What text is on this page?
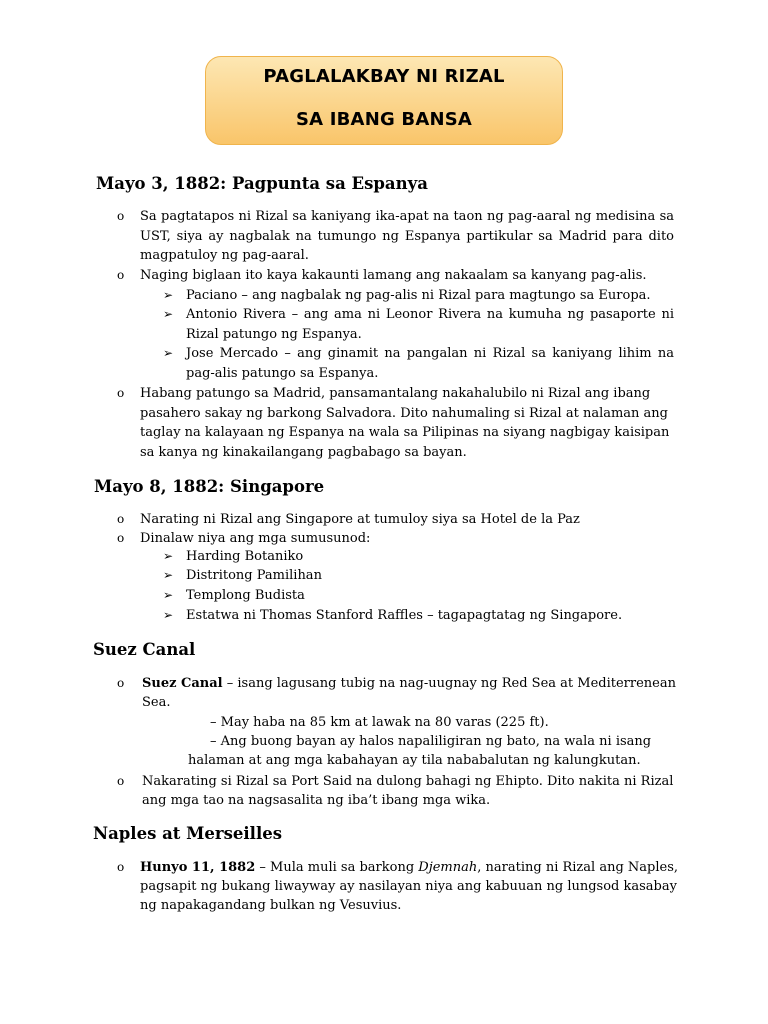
PAGLALAKBAY NI RIZAL
SA IBANG BANSA
Mayo 3, 1882: Pagpunta sa Espanya
o Sa pagtatapos ni Rizal sa kaniyang ika-apat na taon ng pag-aaral ng medisina sa UST, siya ay nagbalak na tumungo ng Espanya partikular sa Madrid para dito magpatuloy ng pag-aaral.
o Naging biglaan ito kaya kakaunti lamang ang nakaalam sa kanyang pag-alis.
➢ Paciano – ang nagbalak ng pag-alis ni Rizal para magtungo sa Europa.
➢ Antonio Rivera – ang ama ni Leonor Rivera na kumuha ng pasaporte ni Rizal patungo ng Espanya.
➢ Jose Mercado – ang ginamit na pangalan ni Rizal sa kaniyang lihim na pag-alis patungo sa Espanya.
o Habang patungo sa Madrid, pansamantalang nakahalubilo ni Rizal ang ibang pasahero sakay ng barkong Salvadora. Dito nahumaling si Rizal at nalaman ang taglay na kalayaan ng Espanya na wala sa Pilipinas na siyang nagbigay kaisipan sa kanya ng kinakailangang pagbabago sa bayan.
Mayo 8, 1882: Singapore
o Narating ni Rizal ang Singapore at tumuloy siya sa Hotel de la Paz
o Dinalaw niya ang mga sumusunod:
➢ Harding Botaniko
➢ Distritong Pamilihan
➢ Templong Budista
➢ Estatwa ni Thomas Stanford Raffles – tagapagtatag ng Singapore.
Suez Canal
o Suez Canal – isang lagusang tubig na nag-uugnay ng Red Sea at Mediterrenean
Sea.
– May haba na 85 km at lawak na 80 varas (225 ft).
– Ang buong bayan ay halos napaliligiran ng bato, na wala ni isang
halaman at ang mga kabahayan ay tila nababalutan ng kalungkutan.
o Nakarating si Rizal sa Port Said na dulong bahagi ng Ehipto. Dito nakita ni Rizal
ang mga tao na nagsasalita ng iba’t ibang mga wika.
Naples at Merseilles
o Hunyo 11, 1882 – Mula muli sa barkong Djemnah, narating ni Rizal ang Naples,
pagsapit ng bukang liwayway ay nasilayan niya ang kabuuan ng lungsod kasabay
ng napakagandang bulkan ng Vesuvius.
